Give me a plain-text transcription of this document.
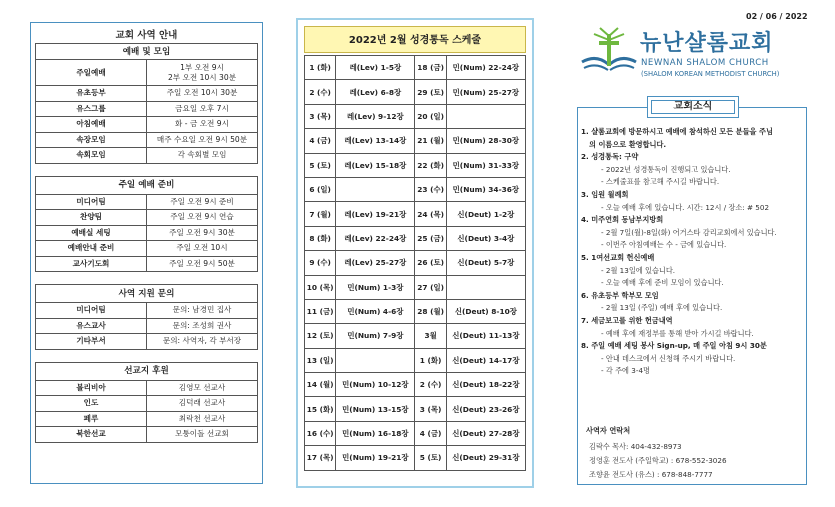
교회 사역 안내
예배 및 모임	
주일예배	1부 오전 9시
2부 오전 10시 30분

유초등부	주일 오전 10시 30분

유스그룹	금요일 오후 7시

아침예배	화 - 금 오전 9시

속장모임	매주 수요일 오전 9시 50분

속회모임	각 속회별 모임
주일 예배 준비	
미디어팀	주일 오전 9시 준비

찬양팀	주일 오전 9시 연습

예배실 세팅	주일 오전 9시 30분

예배안내 준비	주일 오전 10시

교사기도회	주일 오전 9시 50분
사역 지원 문의	
미디어팀	문의: 남경민 집사

유스교사	문의: 조성희 권사

기타부서	문의: 사역자, 각 부서장
선교지 후원	
볼리비아	김영모 선교사

인도	김덕래 선교사

페루	최락천 선교사

북한선교	모퉁이돌 선교회
2022년 2월 성경통독 스케줄
1 (화)	레(Lev) 1-5장	18 (금)	민(Num) 22-24장
2 (수)	레(Lev) 6-8장	29 (토)	민(Num) 25-27장
3 (목)	레(Lev) 9-12장	20 (일)	
4 (금)	레(Lev) 13-14장	21 (월)	민(Num) 28-30장
5 (토)	레(Lev) 15-18장	22 (화)	민(Num) 31-33장
6 (일)		23 (수)	민(Num) 34-36장
7 (월)	레(Lev) 19-21장	24 (목)	신(Deut) 1-2장
8 (화)	레(Lev) 22-24장	25 (금)	신(Deut) 3-4장
9 (수)	레(Lev) 25-27장	26 (토)	신(Deut) 5-7장
10 (목)	민(Num) 1-3장	27 (일)	
11 (금)	민(Num) 4-6장	28 (월)	신(Deut) 8-10장
12 (토)	민(Num) 7-9장	3월	신(Deut) 11-13장
13 (일)		1 (화)	신(Deut) 14-17장
14 (월)	민(Num) 10-12장	2 (수)	신(Deut) 18-22장
15 (화)	민(Num) 13-15장	3 (목)	신(Deut) 23-26장
16 (수)	민(Num) 16-18장	4 (금)	신(Deut) 27-28장
17 (목)	민(Num) 19-21장	5 (토)	신(Deut) 29-31장
02 / 06 / 2022
뉴난샬롬교회
NEWNAN SHALOM CHURCH
(SHALOM KOREAN METHODIST CHURCH)
교회소식
1. 샬롬교회에 방문하시고 예배에 참석하신 모든 분들을 주님
의 이름으로 환영합니다.
2. 성경통독: 구약
- 2022년 성경통독이 진행되고 있습니다.
- 스케줄표를 참고해 주시길 바랍니다.
3. 임원 월례회
- 오늘 예배 후에 있습니다. 시간: 12시 / 장소: # 502
4. 미주연회 동남부지방회
- 2월 7일(월)-8일(화) 어거스타 감리교회에서 있습니다.
- 이번주 아침예배는 수 - 금에 있습니다.
5. 1여선교회 헌신예배
- 2월 13일에 있습니다.
- 오늘 예배 후에 준비 모임이 있습니다.
6. 유초등부 학부모 모임
- 2월 13일 (주일) 예배 후에 있습니다.
7. 세금보고를 위한 헌금내역
- 예배 후에 재정부를 통해 받아 가시길 바랍니다.
8. 주일 예배 세팅 봉사 Sign-up, 매 주일 아침 9시 30분
- 안내 데스크에서 신청해 주시기 바랍니다.
- 각 주에 3-4명
사역자 연락처
김락수 목사: 404-432-8973
정영훈 전도사 (주일학교) : 678-552-3026
조향윤 전도사 (유스) : 678-848-7777
